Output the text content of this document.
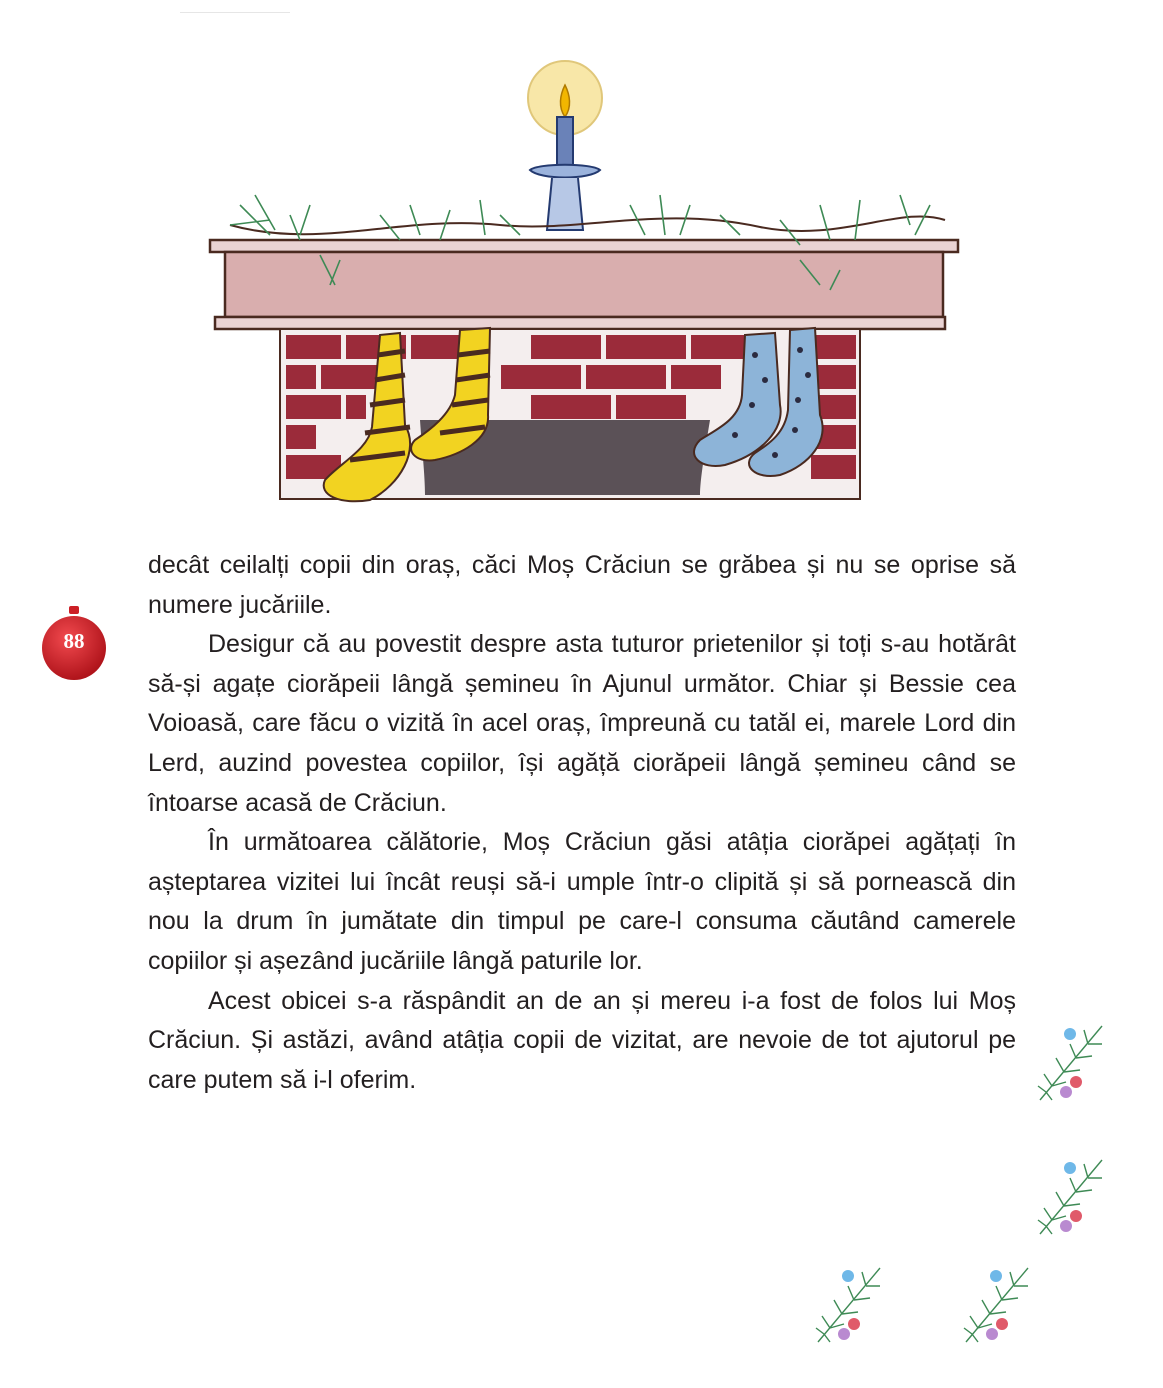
88

decât ceilalți copii din oraș, căci Moș Crăciun se grăbea și nu se oprise să numere jucăriile.

Desigur că au povestit despre asta tuturor prietenilor și toți s-au hotărât să-și agațe ciorăpeii lângă șemineu în Ajunul următor. Chiar și Bessie cea Voioasă, care făcu o vizită în acel oraș, împreună cu tatăl ei, marele Lord din Lerd, auzind povestea copiilor, își agăță ciorăpeii lângă șemineu când se întoarse acasă de Crăciun.

În următoarea călătorie, Moș Crăciun găsi atâția ciorăpei agățați în așteptarea vizitei lui încât reuși să-i umple într-o clipită și să pornească din nou la drum în jumătate din timpul pe care-l consuma căutând camerele copiilor și așezând jucăriile lângă paturile lor.

Acest obicei s-a răspândit an de an și mereu i-a fost de folos lui Moș Crăciun. Și astăzi, având atâția copii de vizitat, are nevoie de tot ajutorul pe care putem să i-l oferim.
